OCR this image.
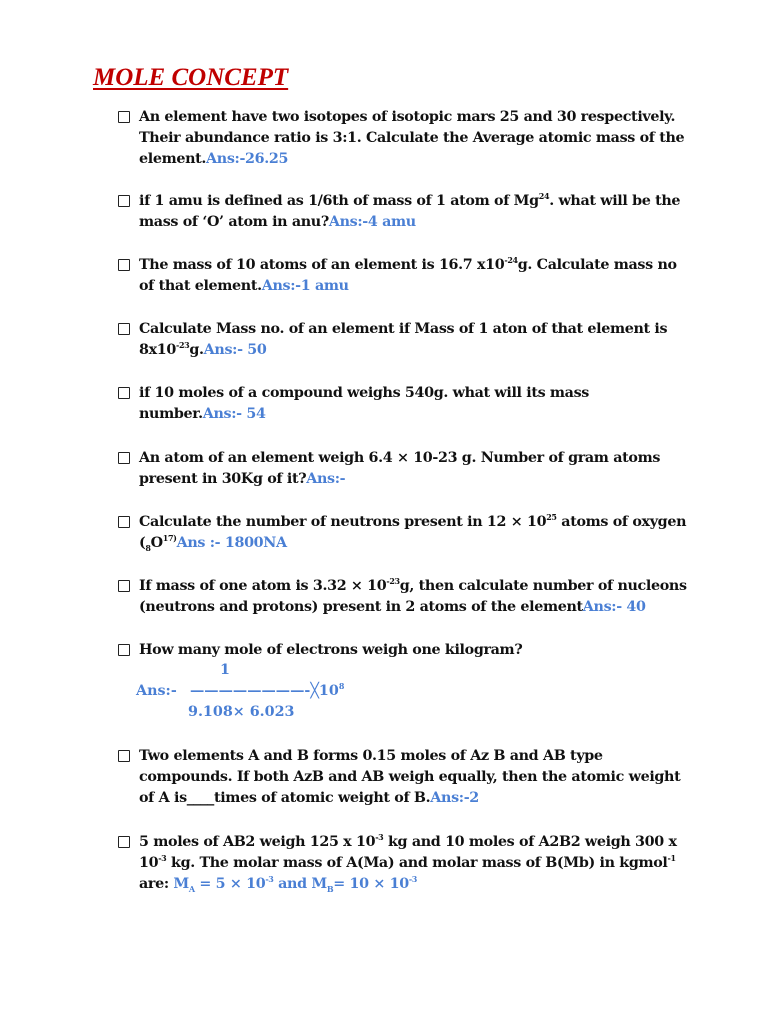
MOLE CONCEPT

An element have two isotopes of isotopic mars 25 and 30 respectively. Their abundance ratio is 3:1. Calculate the Average atomic mass of the element.Ans:-26.25

if 1 amu is defined as 1/6th of mass of 1 atom of Mg$^{24}$. what will be the mass of ‘O’ atom in anu?Ans:-4 amu

The mass of 10 atoms of an element is 16.7 $x10^{-24}g$. Calculate mass no of that element.Ans:-1 amu

Calculate Mass no. of an element if Mass of 1 aton of that element is $8x10^{-23}g.Ans:-$ 50

if 10 moles of a compound weighs 540g. what will its mass number.Ans:- 54

An atom of an element weigh 6.4 × 10-23 g. Number of gram atoms present in 30Kg of it?Ans:-

Calculate the number of neutrons present in $12 \times 10^{25}$ atoms of oxygen ($_8O^{17)}Ans$ :- 1800NA

If mass of one atom is $3.32 \times 10^{-23}g$, then calculate number of nucleons (neutrons and protons) present in 2 atoms of the elementAns:- 40

How many mole of electrons weigh one kilogram?

1
Ans:- $————————-╳10^8$
9.108× 6.023

Two elements A and B forms 0.15 moles of Az B and AB type compounds. If both AzB and AB weigh equally, then the atomic weight of A is____times of atomic weight of B.Ans:-2

5 moles of AB2 weigh 125 x $10^{-3}$ kg and 10 moles of A2B2 weigh 300 x $10^{-3}$ kg. The molar mass of A(Ma) and molar mass of B(Mb) in kgmol$^{-1}$ are: $M_A = 5 \times 10^{-3}$ and $M_B= 10 \times 10^{-3}$
